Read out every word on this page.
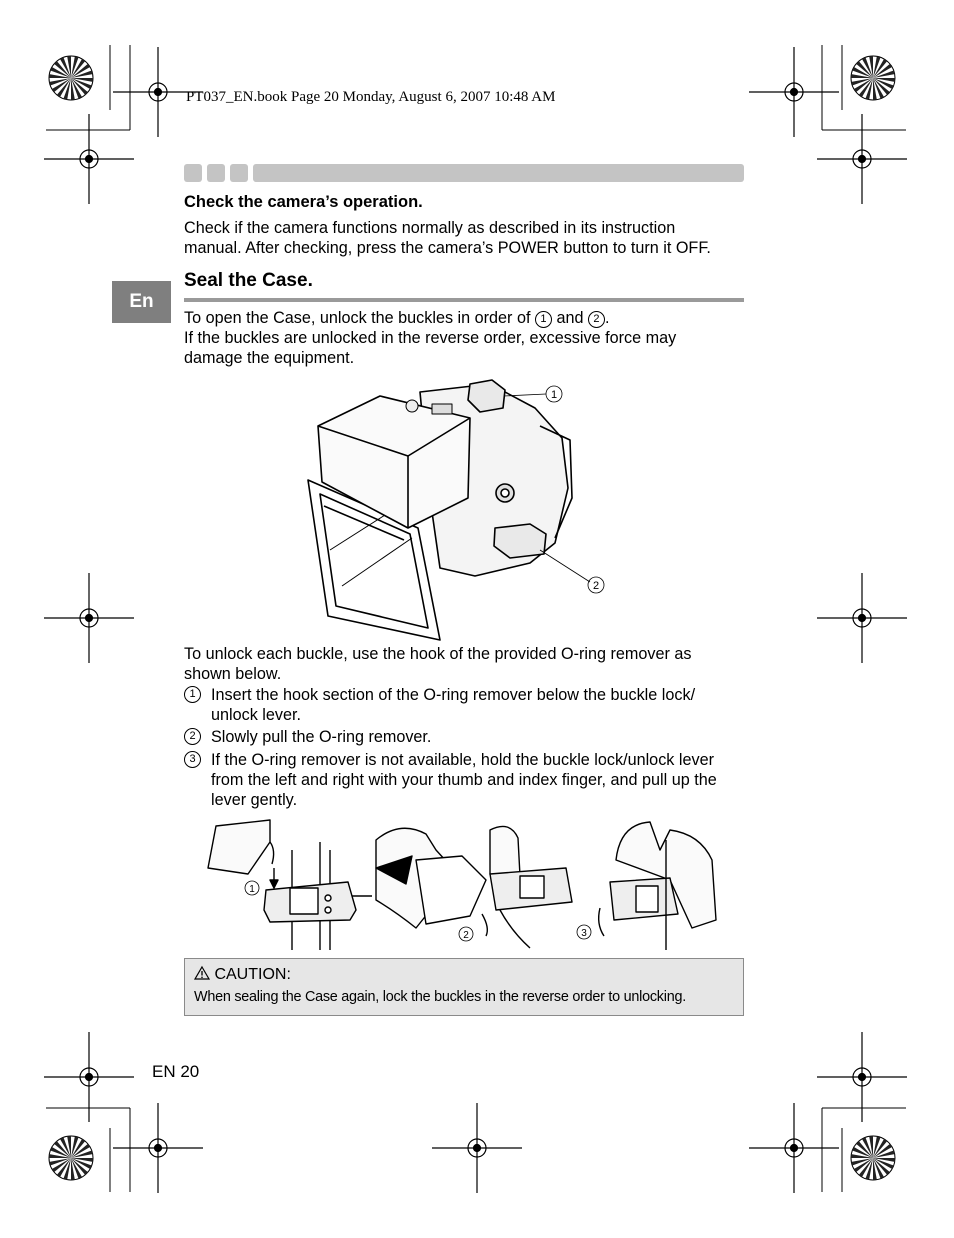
PT037_EN.book Page 20 Monday, August 6, 2007 10:48 AM
Check the camera’s operation.
Check if the camera functions normally as described in its instruction
manual. After checking, press the camera’s POWER button to turn it OFF.
En
Seal the Case.
To open the Case, unlock the buckles in order of 1 and 2 .
If the buckles are unlocked in the reverse order, excessive force may
damage the equipment.
1
2
To unlock each buckle, use the hook of the provided O-ring remover as
shown below.
1 Insert the hook section of the O-ring remover below the buckle lock/
unlock lever.
2 Slowly pull the O-ring remover.
3 If the O-ring remover is not available, hold the buckle lock/unlock lever
from the left and right with your thumb and index finger, and pull up the
lever gently.
1
2	3
CAUTION:
When sealing the Case again, lock the buckles in the reverse order to unlocking.
EN 20
